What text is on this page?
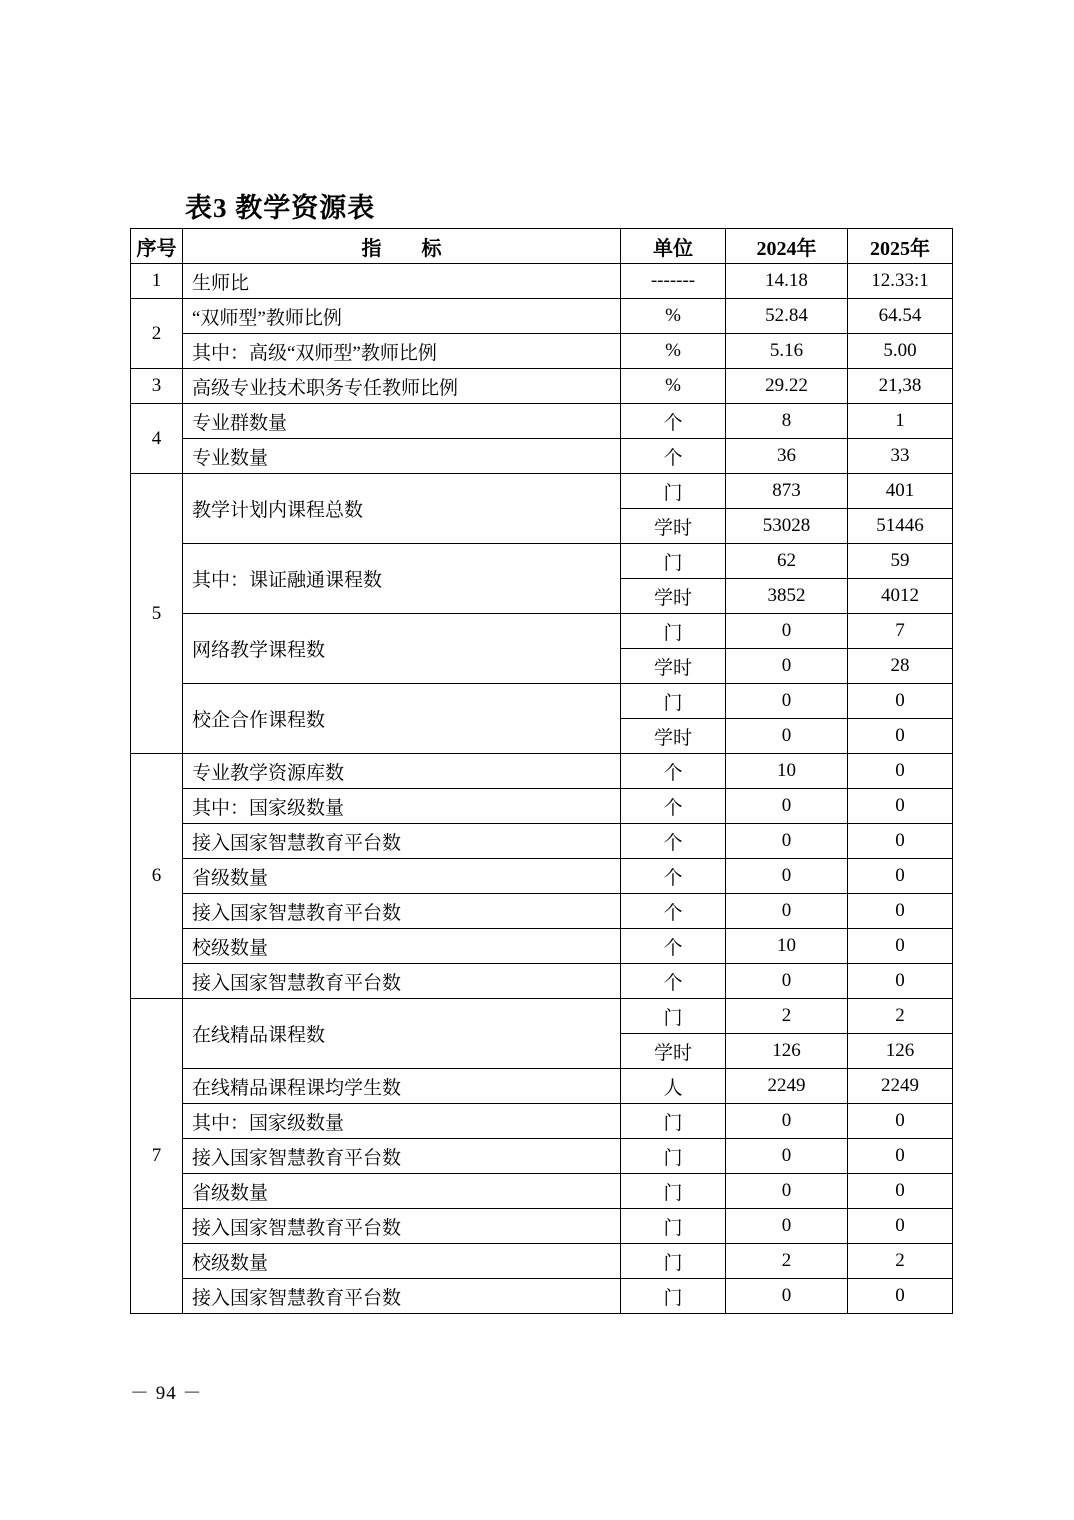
表3 教学资源表
序号	指　　标	单位	2024年	2025年
1	生师比	-------	14.18	12.33:1
2	“双师型”教师比例	%	52.84	64.54
	其中：高级“双师型”教师比例	%	5.16	5.00
3	高级专业技术职务专任教师比例	%	29.22	21,38
4	专业群数量	个	8	1
	专业数量	个	36	33
5	教学计划内课程总数	门	873	401
		学时	53028	51446
	其中：课证融通课程数	门	62	59
		学时	3852	4012
	网络教学课程数	门	0	7
		学时	0	28
	校企合作课程数	门	0	0
		学时	0	0
6	专业教学资源库数	个	10	0
	其中：国家级数量	个	0	0
	接入国家智慧教育平台数	个	0	0
	省级数量	个	0	0
	接入国家智慧教育平台数	个	0	0
	校级数量	个	10	0
	接入国家智慧教育平台数	个	0	0
7	在线精品课程数	门	2	2
		学时	126	126
	在线精品课程课均学生数	人	2249	2249
	其中：国家级数量	门	0	0
	接入国家智慧教育平台数	门	0	0
	省级数量	门	0	0
	接入国家智慧教育平台数	门	0	0
	校级数量	门	2	2
	接入国家智慧教育平台数	门	0	0
－ 94 －
